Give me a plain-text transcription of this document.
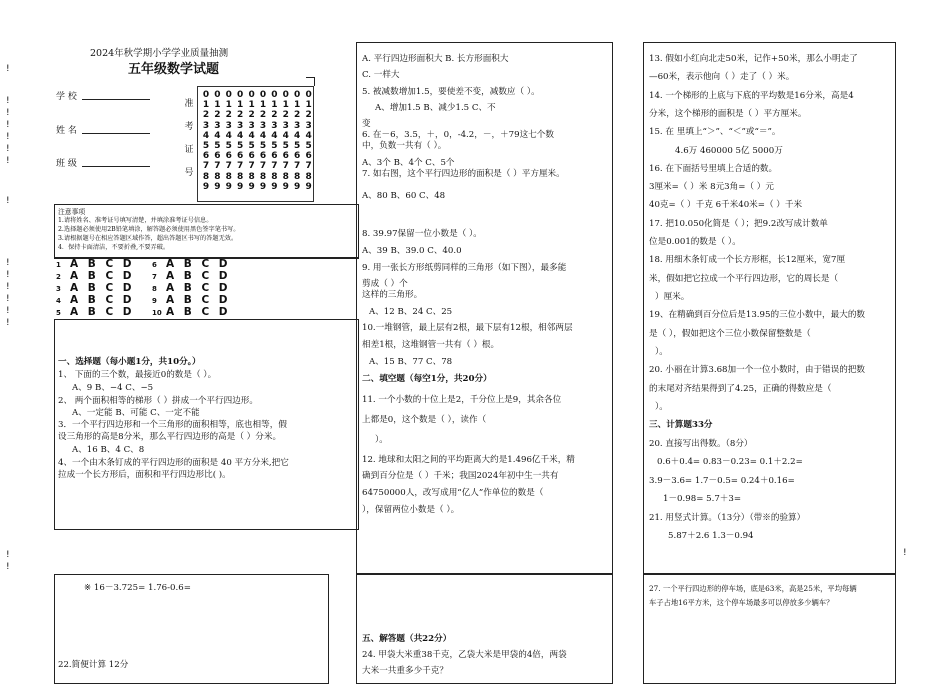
!
!
!
!
!
!
!
!
!
!
!
!
!
!
!
!
!
2024年秋学期小学学业质量抽测
五年级数学试题
学 校
姓 名
班 级
准
考
证
号
0
1
2
3
4
5
6
7
8
9
0
1
2
3
4
5
6
7
8
9
0
1
2
3
4
5
6
7
8
9
0
1
2
3
4
5
6
7
8
9
0
1
2
3
4
5
6
7
8
9
0
1
2
3
4
5
6
7
8
9
0
1
2
3
4
5
6
7
8
9
0
1
2
3
4
5
6
7
8
9
0
1
2
3
4
5
6
7
8
9
0
1
2
3
4
5
6
7
8
9
注意事项
1.请将姓名、准考证号填写清楚，并填涂准考证号信息。
2.选择题必须使用2B铅笔填涂，解答题必须使用黑色签字笔书写。
3.请根据题号在相应答题区域作答，超出答题区书写的答题无效。
4．保持卡面清洁，不要折叠,不要弄破。
1 A B C D
2 A B C D
3 A B C D
4 A B C D
5 A B C D
6 A B C D
7 A B C D
8 A B C D
9 A B C D
10 A B C D
一、选择题（每小题1分，共10分。）
1、 下面的三个数，最接近0的数是（ ）。
A、9 B、−4 C、−5
2、 两个面积相等的梯形（ ）拼成一个平行四边形。
A、一定能 B、可能 C、一定不能
3．一个平行四边形和一个三角形的面积相等，底也相等，假
设三角形的高是8分米，那么平行四边形的高是（ ）分米。
A、16 B、4 C、8
4、一个由木条钉成的平行四边形的面积是 40 平方分米,把它
拉成一个长方形后，面积和平行四边形比( )。
A. 平行四边形面积大 B. 长方形面积大
C. 一样大
5. 被减数增加1.5，要使差不变，减数应（ ）。
A、增加1.5 B、减少1.5 C、不
变
6. 在－6，3.5，＋，0，-4.2，－，＋79这七个数
中，负数一共有（ ）。
A、3个 B、4个 C、5个
7. 如右图，这个平行四边形的面积是（ ）平方厘米。
A、80 B、60 C、48
8. 39.97保留一位小数是（ ）。
A、39 B、39.0 C、40.0
9. 用一张长方形纸剪同样的三角形（如下图），最多能
剪成（ ）个
这样的三角形。
A、12 B、24 C、25
10.一堆钢管，最上层有2根，最下层有12根，相邻两层
相差1根，这堆钢管一共有（ ）根。
A、15 B、77 C、78
二、填空题（每空1分，共20分）
11. 一个小数的十位上是2，千分位上是9，其余各位
上都是0，这个数是（ ），读作（
）。
12. 地球和太阳之间的平均距离大约是1.496亿千米，精
确到百分位是（ ）千米；我国2024年初中生一共有
64750000人，改写成用“亿人”作单位的数是（
），保留两位小数是（ ）。
13. 假如小红向北走50米，记作+50米，那么小明走了
—60米，表示他向（ ）走了（ ）米。
14. 一个梯形的上底与下底的平均数是16分米，高是4
分米，这个梯形的面积是（ ）平方厘米。
15. 在 里填上“＞”、“＜”或“＝”。
4.6万 460000 5亿 5000万
16. 在下面括号里填上合适的数。
3厘米=（ ）米 8元3角=（ ）元
40克=（ ）千克 6千米40米=（ ）千米
17. 把10.050化简是（ ）；把9.2改写成计数单
位是0.001的数是（ ）。
18. 用细木条钉成一个长方形框，长12厘米，宽7厘
米，假如把它拉成一个平行四边形，它的周长是（
）厘米。
19、在精确到百分位后是13.95的三位小数中，最大的数
是（ ），假如把这个三位小数保留整数是（
）。
20. 小丽在计算3.68加一个一位小数时，由于错误的把数
的末尾对齐结果得到了4.25，正确的得数应是（
）。
三、计算题33分
20. 直接写出得数。（8分）
0.6＋0.4= 0.83－0.23= 0.1＋2.2=
3.9－3.6= 1.7－0.5= 0.24＋0.16=
1－0.98= 5.7＋3=
21. 用竖式计算。（13分）（带※的验算）
5.87＋2.6 1.3－0.94
※ 16－3.725= 1.76-0.6=
22.简便计算 12分
五、解答题（共22分）
24. 甲袋大米重38千克，乙袋大米是甲袋的4倍，两袋
大米一共重多少千克？
27. 一个平行四边形的停车场，底是63米，高是25米，平均每辆
车子占地16平方米，这个停车场最多可以停放多少辆车？
